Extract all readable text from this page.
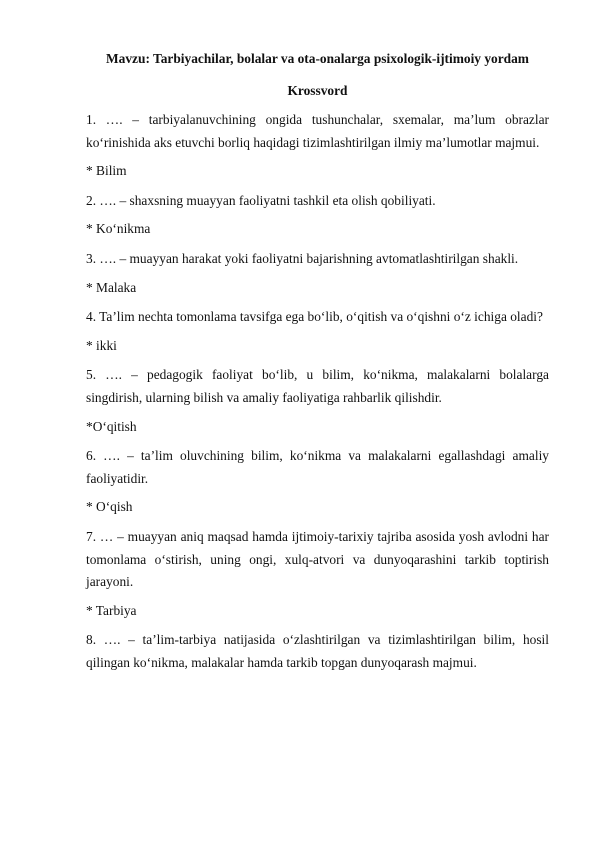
Mavzu: Tarbiyachilar, bolalar va ota-onalarga psixologik-ijtimoiy yordam
Krossvord

1. …. – tarbiyalanuvchining ongida tushunchalar, sxemalar, ma’lum obrazlar ko‘rinishida aks etuvchi borliq haqidagi tizimlashtirilgan ilmiy ma’lumotlar majmui.

* Bilim

2. …. – shaxsning muayyan faoliyatni tashkil eta olish qobiliyati.

* Ko‘nikma

3. …. – muayyan harakat yoki faoliyatni bajarishning avtomatlashtirilgan shakli.

* Malaka

4. Ta’lim nechta tomonlama tavsifga ega bo‘lib, o‘qitish va o‘qishni o‘z ichiga oladi?

* ikki

5. …. – pedagogik faoliyat bo‘lib, u bilim, ko‘nikma, malakalarni bolalarga singdirish, ularning bilish va amaliy faoliyatiga rahbarlik qilishdir.

*O‘qitish

6. …. – ta’lim oluvchining bilim, ko‘nikma va malakalarni egallashdagi amaliy faoliyatidir.

* O‘qish

7. … – muayyan aniq maqsad hamda ijtimoiy-tarixiy tajriba asosida yosh avlodni har tomonlama o‘stirish, uning ongi, xulq-atvori va dunyoqarashini tarkib toptirish jarayoni.

* Tarbiya

8. …. – ta’lim-tarbiya natijasida o‘zlashtirilgan va tizimlashtirilgan bilim, hosil qilingan ko‘nikma, malakalar hamda tarkib topgan dunyoqarash majmui.
